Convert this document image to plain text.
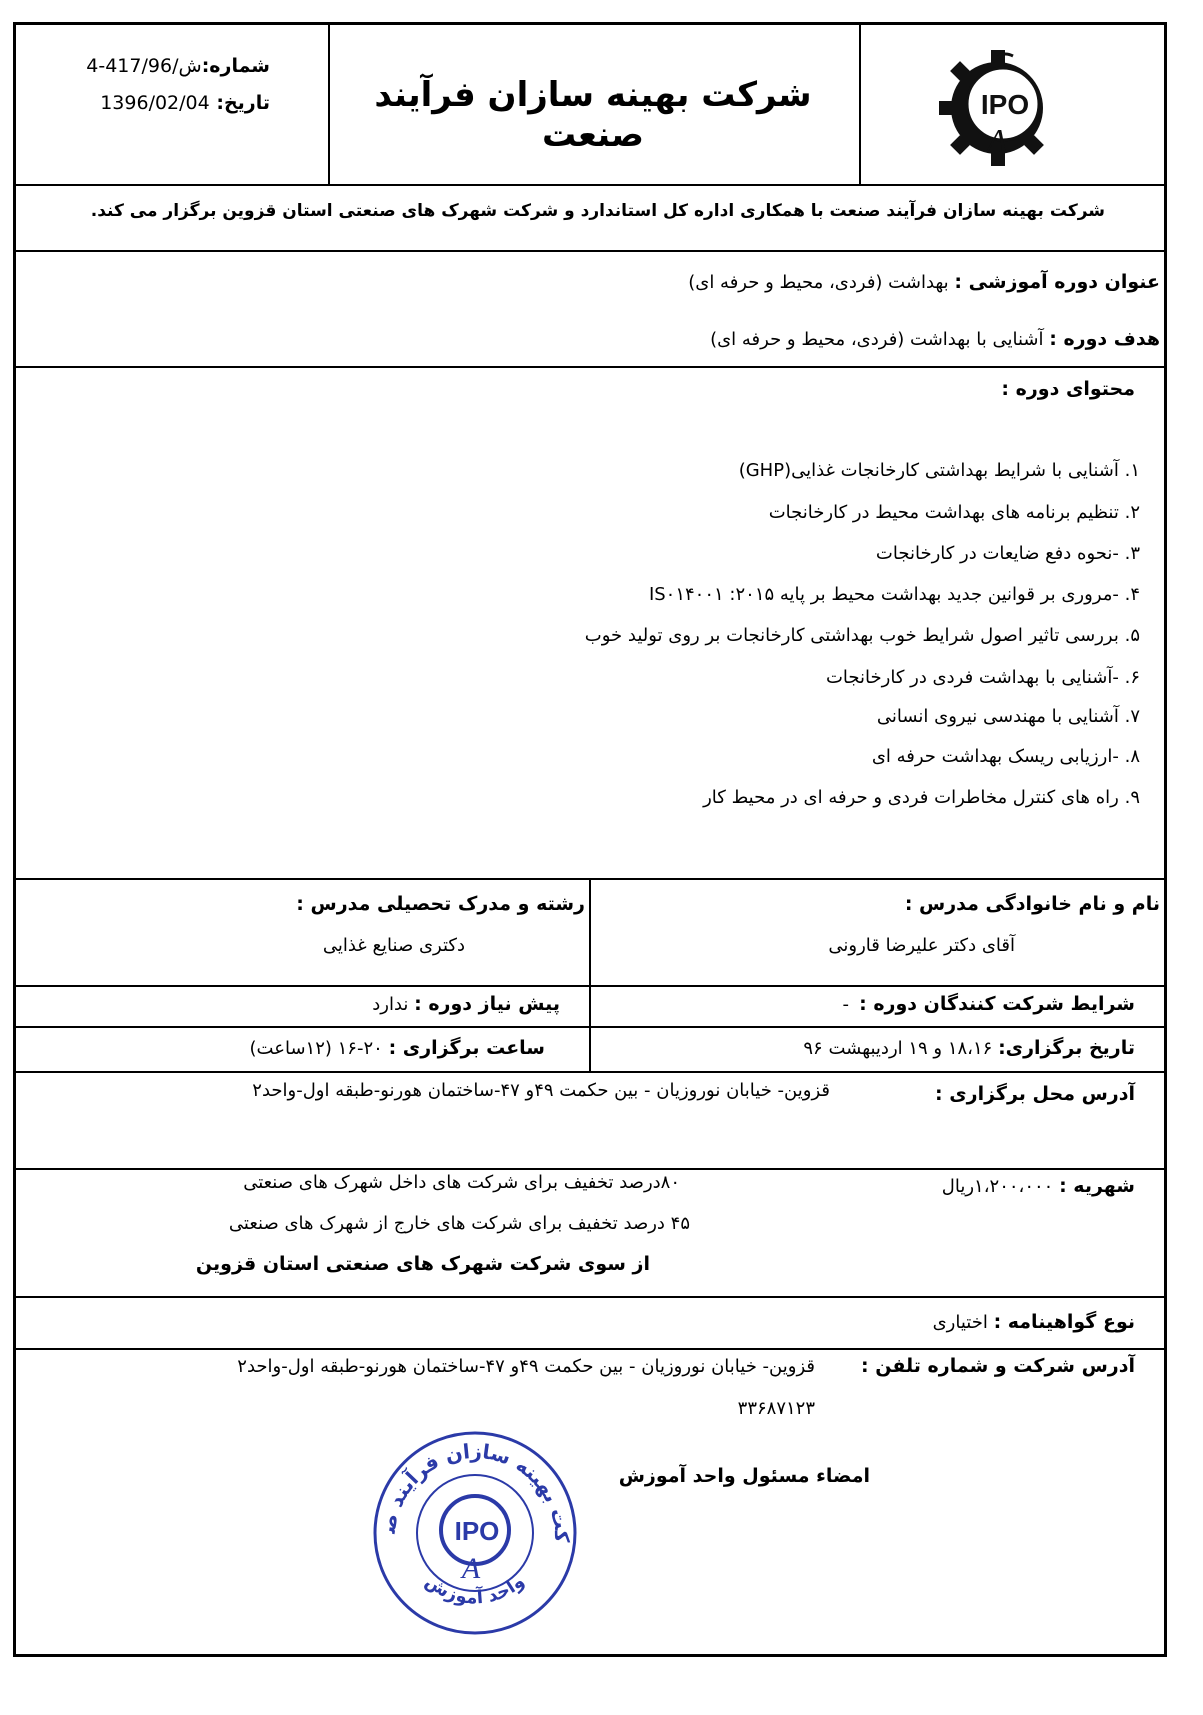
شماره:4-417/ش/96
تاریخ: 1396/02/04	شرکت بهینه سازان فرآیند صنعت
IPO
A
شرکت بهینه سازان فرآیند صنعت با همکاری اداره کل استاندارد و شرکت شهرک های صنعتی استان قزوین برگزار می کند.
عنوان دوره آموزشی : بهداشت (فردی، محیط و حرفه ای)
هدف دوره : آشنایی با بهداشت (فردی، محیط و حرفه ای)
محتوای دوره :
۱. آشنایی با شرایط بهداشتی کارخانجات غذایی(GHP)
۲. تنظیم برنامه های بهداشت محیط در کارخانجات
۳. -نحوه دفع ضایعات در کارخانجات
۴. -مروری بر قوانین جدید بهداشت محیط بر پایه ۲۰۱۵: IS۰۱۴۰۰۱
۵. بررسی تاثیر اصول شرایط خوب بهداشتی کارخانجات بر روی تولید خوب
۶. -آشنایی با بهداشت فردی در کارخانجات
۷. آشنایی با مهندسی نیروی انسانی
۸. -ارزیابی ریسک بهداشت حرفه ای
۹. راه های کنترل مخاطرات فردی و حرفه ای در محیط کار
نام و نام خانوادگی مدرس :
آقای دکتر علیرضا قارونی
رشته و مدرک تحصیلی مدرس :
دکتری صنایع غذایی
شرایط شرکت کنندگان دوره :  -
پیش نیاز دوره : ندارد
تاریخ برگزاری: ۱۸،۱۶ و ۱۹ اردیبهشت ۹۶
ساعت برگزاری : ۲۰-۱۶ (۱۲ساعت)
آدرس محل برگزاری :
قزوین- خیابان نوروزیان - بین حکمت ۴۹و ۴۷-ساختمان هورنو-طبقه اول-واحد۲
شهریه : ۱،۲۰۰،۰۰۰ریال
۸۰درصد تخفیف برای شرکت های داخل شهرک های صنعتی
۴۵ درصد تخفیف برای شرکت های خارج از شهرک های صنعتی
از سوی شرکت شهرک های صنعتی استان قزوین
نوع گواهینامه : اختیاری
آدرس شرکت و شماره تلفن :
قزوین- خیابان نوروزیان - بین حکمت ۴۹و ۴۷-ساختمان هورنو-طبقه اول-واحد۲
۳۳۶۸۷۱۲۳
امضاء مسئول واحد آموزش
کت بهینه سازان فرآیند ص
واحد آموزش
IPO
A
